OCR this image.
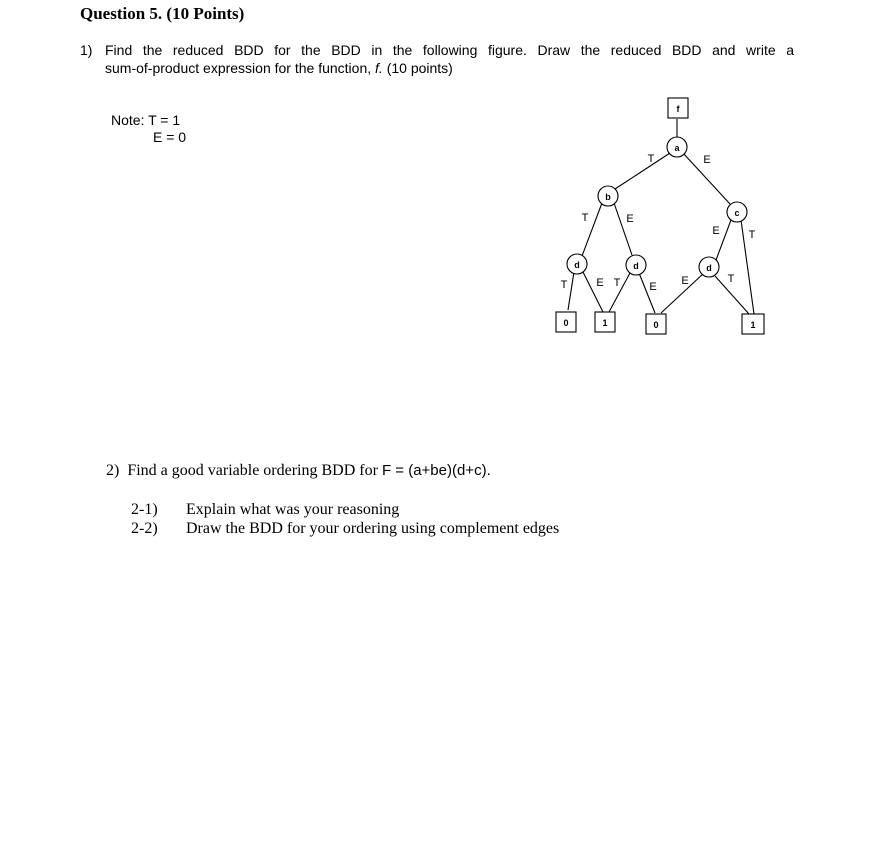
Question 5. (10 Points)
1) Find the reduced BDD for the BDD in the following figure. Draw the reduced BDD and write a
sum-of-product expression for the function, f. (10 points)
Note: T = 1
E = 0
f
a
b
c
d	d	d
0	1	0	1
T	E
T	E
E	T
T	E T	E E	T
2) Find a good variable ordering BDD for F = (a+be)(d+c).
2-1) Explain what was your reasoning
2-2) Draw the BDD for your ordering using complement edges
